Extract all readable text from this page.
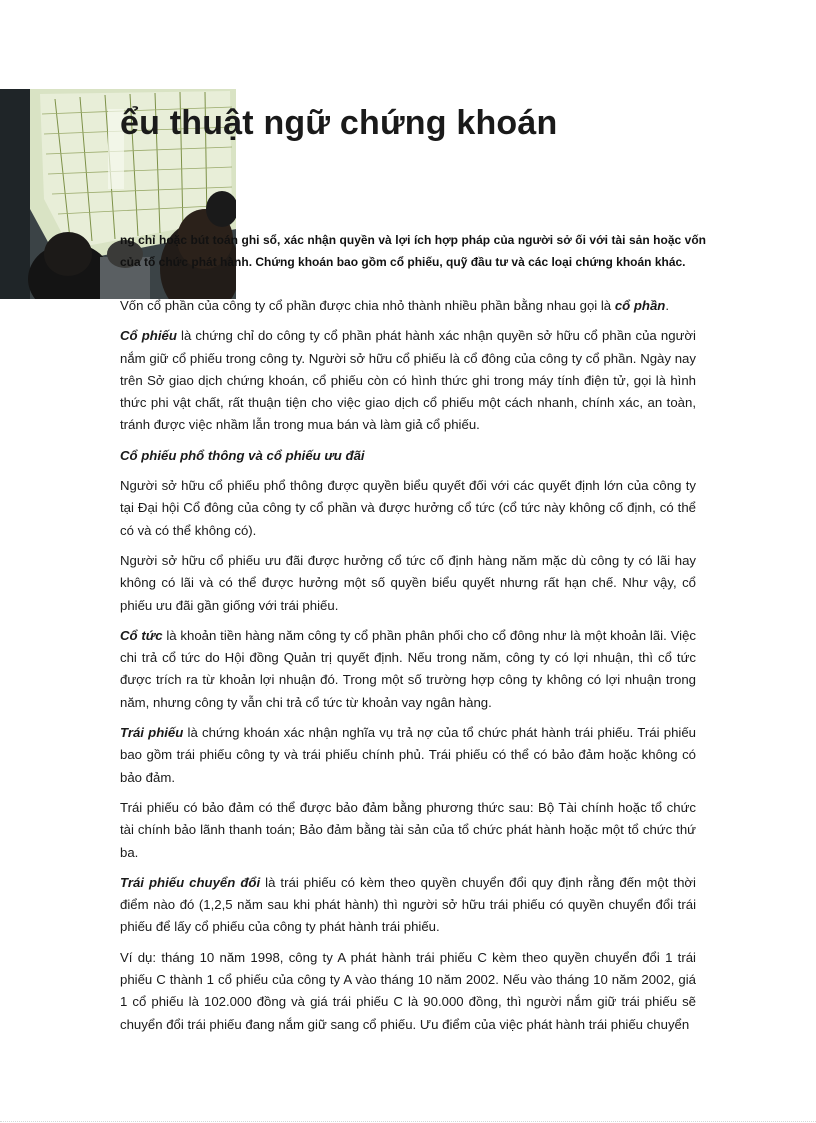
ểu thuật ngữ chứng khoán

ng chỉ hoặc bút toán ghi sổ, xác nhận quyền và lợi ích hợp pháp của người sở ối với tài sản hoặc vốn của tổ chức phát hành. Chứng khoán bao gồm cổ phiếu, quỹ đầu tư và các loại chứng khoán khác.

Vốn cổ phần của công ty cổ phần được chia nhỏ thành nhiều phần bằng nhau gọi là cổ phần.

Cổ phiếu là chứng chỉ do công ty cổ phần phát hành xác nhận quyền sở hữu cổ phần của người nắm giữ cổ phiếu trong công ty. Người sở hữu cổ phiếu là cổ đông của công ty cổ phần. Ngày nay trên Sở giao dịch chứng khoán, cổ phiếu còn có hình thức ghi trong máy tính điện tử, gọi là hình thức phi vật chất, rất thuận tiện cho việc giao dịch cổ phiếu một cách nhanh, chính xác, an toàn, tránh được việc nhầm lẫn trong mua bán và làm giả cổ phiếu.

Cổ phiếu phổ thông và cổ phiếu ưu đãi

Người sở hữu cổ phiếu phổ thông được quyền biểu quyết đối với các quyết định lớn của công ty tại Đại hội Cổ đông của công ty cổ phần và được hưởng cổ tức (cổ tức này không cố định, có thể có và có thể không có).

Người sở hữu cổ phiếu ưu đãi được hưởng cổ tức cố định hàng năm mặc dù công ty có lãi hay không có lãi và có thể được hưởng một số quyền biểu quyết nhưng rất hạn chế. Như vậy, cổ phiếu ưu đãi gần giống với trái phiếu.

Cổ tức là khoản tiền hàng năm công ty cổ phần phân phối cho cổ đông như là một khoản lãi. Việc chi trả cổ tức do Hội đồng Quản trị quyết định. Nếu trong năm, công ty có lợi nhuận, thì cổ tức được trích ra từ khoản lợi nhuận đó. Trong một số trường hợp công ty không có lợi nhuận trong năm, nhưng công ty vẫn chi trả cổ tức từ khoản vay ngân hàng.

Trái phiếu là chứng khoán xác nhận nghĩa vụ trả nợ của tổ chức phát hành trái phiếu. Trái phiếu bao gồm trái phiếu công ty và trái phiếu chính phủ. Trái phiếu có thể có bảo đảm hoặc không có bảo đảm.

Trái phiếu có bảo đảm có thể được bảo đảm bằng phương thức sau: Bộ Tài chính hoặc tổ chức tài chính bảo lãnh thanh toán; Bảo đảm bằng tài sản của tổ chức phát hành hoặc một tổ chức thứ ba.

Trái phiếu chuyển đổi là trái phiếu có kèm theo quyền chuyển đổi quy định rằng đến một thời điểm nào đó (1,2,5 năm sau khi phát hành) thì người sở hữu trái phiếu có quyền chuyển đổi trái phiếu để lấy cổ phiếu của công ty phát hành trái phiếu.

Ví dụ: tháng 10 năm 1998, công ty A phát hành trái phiếu C kèm theo quyền chuyển đổi 1 trái phiếu C thành 1 cổ phiếu của công ty A vào tháng 10 năm 2002. Nếu vào tháng 10 năm 2002, giá 1 cổ phiếu là 102.000 đồng và giá trái phiếu C là 90.000 đồng, thì người nắm giữ trái phiếu sẽ chuyển đổi trái phiếu đang nắm giữ sang cổ phiếu. Ưu điểm của việc phát hành trái phiếu chuyển
